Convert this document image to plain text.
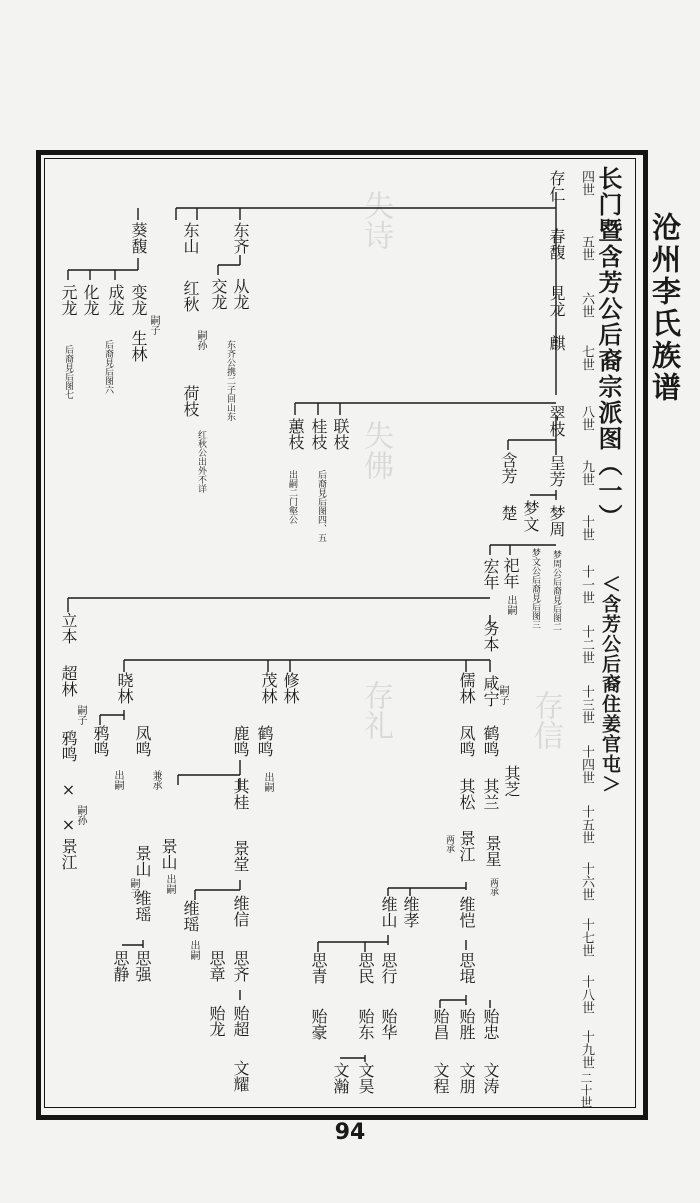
失诗
失佛
存礼	存信
沧州李氏族谱
长门暨含芳公后裔宗派图（一）
＜含芳公后裔住姜官屯＞
四世
五世
六世
七世
八世
九世
十世
十一世
十二世
十三世
十四世
十五世
十六世
十七世
十八世
十九世
二十世
存仁
春馥
見龙
麒
翠枝
呈芳
梦周
宏年
务本
咸宁
鹤鸣
其芝
景星
两承
嗣子
葵馥
元龙 化龙 成龙 变龙
嗣子
生林
后裔見后图七	后裔見后图六
东齐
从龙
交龙
东齐公携二子回山东
东山
红秋
嗣孙
荷枝
红秋公出外不详	联枝
桂枝
蕙枝
后裔見后图四、五
出嗣二门壑公
含芳
楚 梦文
梦文公后裔見后图三 梦周公后裔見后图二
祀年
出嗣
立本
超林
嗣子
鸦鸣
×
×
嗣孙
景江
晓林
凤鸣
兼承
鸦鸣
出嗣
景山
嗣子
维瑶
思静 思强
茂林 修林
鹿鸣 鹤鸣
出嗣
其桂
景堂
景山
出嗣
维瑶
出嗣
维信
思章 思齐
贻龙 贻超
文耀
儒林
凤鸣
其松 其兰
景江
两承
维山 维孝 维恺
思青 思民 思行	思堒
贻豪 贻东 贻华 贻昌 贻胜 贻忠
文瀚 文昊	文程 文朋 文涛
94
